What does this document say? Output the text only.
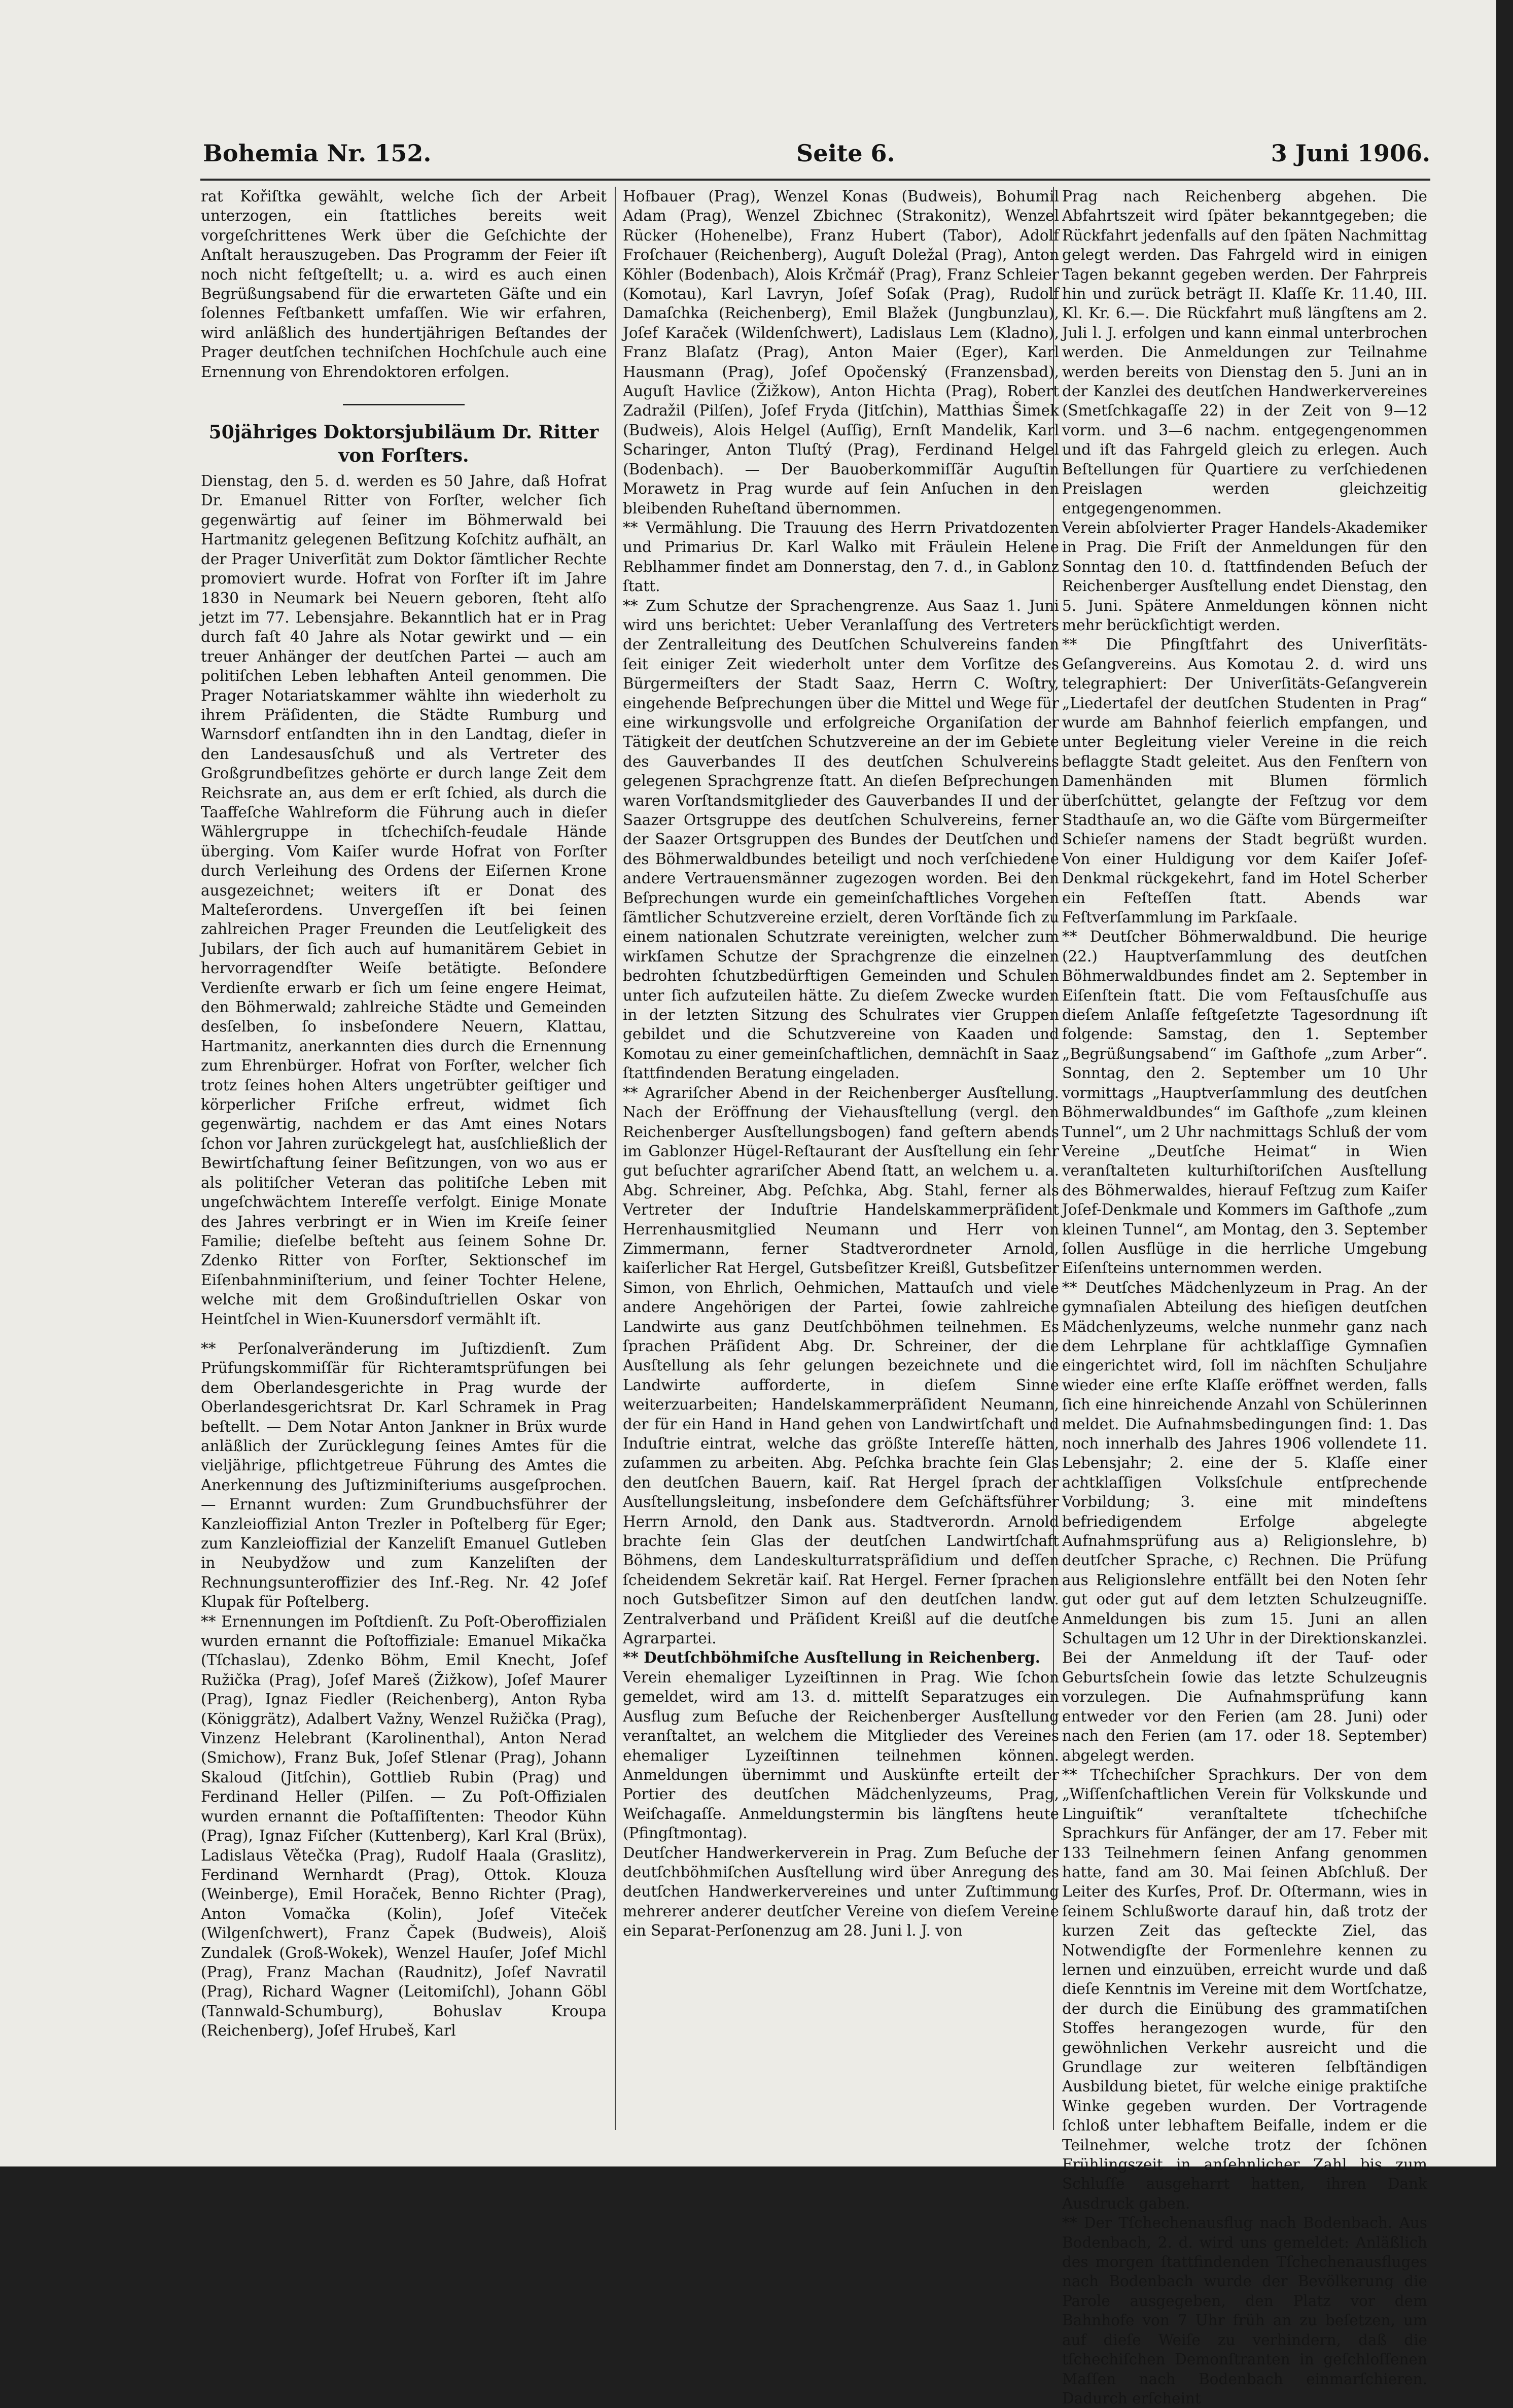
Bohemia Nr. 152.	Seite 6.	3 Juni 1906.

rat Kořiſtka gewählt, welche ſich der Arbeit unterzogen, ein ſtattliches bereits weit vorgeſchrittenes Werk über die Geſchichte der Anſtalt herauszugeben. Das Programm der Feier iſt noch nicht feſtgeſtellt; u. a. wird es auch einen Begrüßungsabend für die erwarteten Gäſte und ein ſolennes Feſtbankett umfaſſen. Wie wir erfahren, wird anläßlich des hundertjährigen Beſtandes der Prager deutſchen techniſchen Hochſchule auch eine Ernennung von Ehrendoktoren erfolgen.

50jähriges Doktorsjubiläum Dr. Ritter von Forſters.

Dienstag, den 5. d. werden es 50 Jahre, daß Hofrat Dr. Emanuel Ritter von Forſter, welcher ſich gegenwärtig auf ſeiner im Böhmerwald bei Hartmanitz gelegenen Beſitzung Koſchitz aufhält, an der Prager Univerſität zum Doktor ſämtlicher Rechte promoviert wurde. Hofrat von Forſter iſt im Jahre 1830 in Neumark bei Neuern geboren, ſteht alſo jetzt im 77. Lebensjahre. Bekanntlich hat er in Prag durch faſt 40 Jahre als Notar gewirkt und — ein treuer Anhänger der deutſchen Partei — auch am politiſchen Leben lebhaften Anteil genommen. Die Prager Notariatskammer wählte ihn wiederholt zu ihrem Präſidenten, die Städte Rumburg und Warnsdorf entſandten ihn in den Landtag, dieſer in den Landesausſchuß und als Vertreter des Großgrundbeſitzes gehörte er durch lange Zeit dem Reichsrate an, aus dem er erſt ſchied, als durch die Taaffeſche Wahlreform die Führung auch in dieſer Wählergruppe in tſchechiſch-feudale Hände überging. Vom Kaiſer wurde Hofrat von Forſter durch Verleihung des Ordens der Eiſernen Krone ausgezeichnet; weiters iſt er Donat des Malteſerordens. Unvergeſſen iſt bei ſeinen zahlreichen Prager Freunden die Leutſeligkeit des Jubilars, der ſich auch auf humanitärem Gebiet in hervorragendſter Weiſe betätigte. Beſondere Verdienſte erwarb er ſich um ſeine engere Heimat, den Böhmerwald; zahlreiche Städte und Gemeinden desſelben, ſo insbeſondere Neuern, Klattau, Hartmanitz, anerkannten dies durch die Ernennung zum Ehrenbürger. Hofrat von Forſter, welcher ſich trotz ſeines hohen Alters ungetrübter geiſtiger und körperlicher Friſche erfreut, widmet ſich gegenwärtig, nachdem er das Amt eines Notars ſchon vor Jahren zurückgelegt hat, ausſchließlich der Bewirtſchaftung ſeiner Beſitzungen, von wo aus er als politiſcher Veteran das politiſche Leben mit ungeſchwächtem Intereſſe verfolgt. Einige Monate des Jahres verbringt er in Wien im Kreiſe ſeiner Familie; dieſelbe beſteht aus ſeinem Sohne Dr. Zdenko Ritter von Forſter, Sektionschef im Eiſenbahnminiſterium, und ſeiner Tochter Helene, welche mit dem Großinduſtriellen Oskar von Heintſchel in Wien-Kuunersdorf vermählt iſt.

** Perſonalveränderung im Juſtizdienſt. Zum Prüfungskommiſſär für Richteramtsprüfungen bei dem Oberlandesgerichte in Prag wurde der Oberlandesgerichtsrat Dr. Karl Schramek in Prag beſtellt. — Dem Notar Anton Jankner in Brüx wurde anläßlich der Zurücklegung ſeines Amtes für die vieljährige, pflichtgetreue Führung des Amtes die Anerkennung des Juſtizminiſteriums ausgeſprochen. — Ernannt wurden: Zum Grundbuchsführer der Kanzleioffizial Anton Trezler in Poſtelberg für Eger; zum Kanzleioffizial der Kanzeliſt Emanuel Gutleben in Neubydžow und zum Kanzeliſten der Rechnungsunteroffizier des Inf.-Reg. Nr. 42 Joſef Klupak für Poſtelberg.

** Ernennungen im Poſtdienſt. Zu Poſt-Oberoffizialen wurden ernannt die Poſtoffiziale: Emanuel Mikačka (Tſchaslau), Zdenko Böhm, Emil Knecht, Joſef Ružička (Prag), Joſef Mareš (Žižkow), Joſef Maurer (Prag), Ignaz Fiedler (Reichenberg), Anton Ryba (Königgrätz), Adalbert Važny, Wenzel Ružička (Prag), Vinzenz Helebrant (Karolinenthal), Anton Nerad (Smichow), Franz Buk, Joſef Stlenar (Prag), Johann Skaloud (Jitſchin), Gottlieb Rubin (Prag) und Ferdinand Heller (Pilſen. — Zu Poſt-Offizialen wurden ernannt die Poſtaſſiſtenten: Theodor Kühn (Prag), Ignaz Fiſcher (Kuttenberg), Karl Kral (Brüx), Ladislaus Větečka (Prag), Rudolf Haala (Graslitz), Ferdinand Wernhardt (Prag), Ottok. Klouza (Weinberge), Emil Horaček, Benno Richter (Prag), Anton Vomačka (Kolin), Joſef Viteček (Wilgenſchwert), Franz Čapek (Budweis), Aloiš Zundalek (Groß-Wokek), Wenzel Hauſer, Joſef Michl (Prag), Franz Machan (Raudnitz), Joſef Navratil (Prag), Richard Wagner (Leitomiſchl), Johann Göbl (Tannwald-Schumburg), Bohuslav Kroupa (Reichenberg), Joſef Hrubeš, Karl

Hofbauer (Prag), Wenzel Konas (Budweis), Bohumil Adam (Prag), Wenzel Zbichnec (Strakonitz), Wenzel Rücker (Hohenelbe), Franz Hubert (Tabor), Adolf Froſchauer (Reichenberg), Auguſt Doležal (Prag), Anton Köhler (Bodenbach), Alois Krčmář (Prag), Franz Schleier (Komotau), Karl Lavryn, Joſef Soſak (Prag), Rudolf Damaſchka (Reichenberg), Emil Blažek (Jungbunzlau), Joſef Karaček (Wildenſchwert), Ladislaus Lem (Kladno), Franz Blaſatz (Prag), Anton Maier (Eger), Karl Hausmann (Prag), Joſef Opočenský (Franzensbad), Auguſt Havlice (Žižkow), Anton Hichta (Prag), Robert Zadražil (Pilſen), Joſef Fryda (Jitſchin), Matthias Šimek (Budweis), Alois Helgel (Auſſig), Ernſt Mandelik, Karl Scharinger, Anton Tluſtý (Prag), Ferdinand Helgel (Bodenbach). — Der Bauoberkommiſſär Auguſtin Morawetz in Prag wurde auf ſein Anſuchen in den bleibenden Ruheſtand übernommen.

** Vermählung. Die Trauung des Herrn Privatdozenten und Primarius Dr. Karl Walko mit Fräulein Helene Reblhammer findet am Donnerstag, den 7. d., in Gablonz ſtatt.

** Zum Schutze der Sprachengrenze. Aus Saaz 1. Juni wird uns berichtet: Ueber Veranlaſſung des Vertreters der Zentralleitung des Deutſchen Schulvereins fanden ſeit einiger Zeit wiederholt unter dem Vorſitze des Bürgermeiſters der Stadt Saaz, Herrn C. Woſtry, eingehende Beſprechungen über die Mittel und Wege für eine wirkungsvolle und erfolgreiche Organiſation der Tätigkeit der deutſchen Schutzvereine an der im Gebiete des Gauverbandes II des deutſchen Schulvereins gelegenen Sprachgrenze ſtatt. An dieſen Beſprechungen waren Vorſtandsmitglieder des Gauverbandes II und der Saazer Ortsgruppe des deutſchen Schulvereins, ferner der Saazer Ortsgruppen des Bundes der Deutſchen und des Böhmerwaldbundes beteiligt und noch verſchiedene andere Vertrauensmänner zugezogen worden. Bei den Beſprechungen wurde ein gemeinſchaftliches Vorgehen ſämtlicher Schutzvereine erzielt, deren Vorſtände ſich zu einem nationalen Schutzrate vereinigten, welcher zum wirkſamen Schutze der Sprachgrenze die einzelnen bedrohten ſchutzbedürftigen Gemeinden und Schulen unter ſich aufzuteilen hätte. Zu dieſem Zwecke wurden in der letzten Sitzung des Schulrates vier Gruppen gebildet und die Schutzvereine von Kaaden und Komotau zu einer gemeinſchaftlichen, demnächſt in Saaz ſtattfindenden Beratung eingeladen.

** Agrariſcher Abend in der Reichenberger Ausſtellung. Nach der Eröffnung der Viehausſtellung (vergl. den Reichenberger Ausſtellungsbogen) fand geſtern abends im Gablonzer Hügel-Reſtaurant der Ausſtellung ein ſehr gut beſuchter agrariſcher Abend ſtatt, an welchem u. a. Abg. Schreiner, Abg. Peſchka, Abg. Stahl, ferner als Vertreter der Induſtrie Handelskammerpräſident Herrenhausmitglied Neumann und Herr von Zimmermann, ferner Stadtverordneter Arnold, kaiſerlicher Rat Hergel, Gutsbeſitzer Kreißl, Gutsbeſitzer Simon, von Ehrlich, Oehmichen, Mattauſch und viele andere Angehörigen der Partei, ſowie zahlreiche Landwirte aus ganz Deutſchböhmen teilnehmen. Es ſprachen Präſident Abg. Dr. Schreiner, der die Ausſtellung als ſehr gelungen bezeichnete und die Landwirte aufforderte, in dieſem Sinne weiterzuarbeiten; Handelskammerpräſident Neumann, der für ein Hand in Hand gehen von Landwirtſchaft und Induſtrie eintrat, welche das größte Intereſſe hätten, zuſammen zu arbeiten. Abg. Peſchka brachte ſein Glas den deutſchen Bauern, kaiſ. Rat Hergel ſprach der Ausſtellungsleitung, insbeſondere dem Geſchäftsführer Herrn Arnold, den Dank aus. Stadtverordn. Arnold brachte ſein Glas der deutſchen Landwirtſchaft Böhmens, dem Landeskulturratspräſidium und deſſen ſcheidendem Sekretär kaiſ. Rat Hergel. Ferner ſprachen noch Gutsbeſitzer Simon auf den deutſchen landw. Zentralverband und Präſident Kreißl auf die deutſche Agrarpartei.

** Deutſchböhmiſche Ausſtellung in Reichenberg.

Verein ehemaliger Lyzeiſtinnen in Prag. Wie ſchon gemeldet, wird am 13. d. mittelſt Separatzuges ein Ausflug zum Beſuche der Reichenberger Ausſtellung veranſtaltet, an welchem die Mitglieder des Vereines ehemaliger Lyzeiſtinnen teilnehmen können. Anmeldungen übernimmt und Auskünfte erteilt der Portier des deutſchen Mädchenlyzeums, Prag, Weiſchagaſſe. Anmeldungstermin bis längſtens heute (Pfingſtmontag).

Deutſcher Handwerkerverein in Prag. Zum Beſuche der deutſchböhmiſchen Ausſtellung wird über Anregung des deutſchen Handwerkervereines und unter Zuſtimmung mehrerer anderer deutſcher Vereine von dieſem Vereine ein Separat-Perſonenzug am 28. Juni l. J. von

Prag nach Reichenberg abgehen. Die Abfahrtszeit wird ſpäter bekanntgegeben; die Rückfahrt jedenfalls auf den ſpäten Nachmittag gelegt werden. Das Fahrgeld wird in einigen Tagen bekannt gegeben werden. Der Fahrpreis hin und zurück beträgt II. Klaſſe Kr. 11.40, III. Kl. Kr. 6.—. Die Rückfahrt muß längſtens am 2. Juli l. J. erfolgen und kann einmal unterbrochen werden. Die Anmeldungen zur Teilnahme werden bereits von Dienstag den 5. Juni an in der Kanzlei des deutſchen Handwerkervereines (Smetſchkagaſſe 22) in der Zeit von 9—12 vorm. und 3—6 nachm. entgegengenommen und iſt das Fahrgeld gleich zu erlegen. Auch Beſtellungen für Quartiere zu verſchiedenen Preislagen werden gleichzeitig entgegengenommen.

Verein abſolvierter Prager Handels-Akademiker in Prag. Die Friſt der Anmeldungen für den Sonntag den 10. d. ſtattfindenden Beſuch der Reichenberger Ausſtellung endet Dienstag, den 5. Juni. Spätere Anmeldungen können nicht mehr berückſichtigt werden.

** Die Pfingſtfahrt des Univerſitäts-Geſangvereins. Aus Komotau 2. d. wird uns telegraphiert: Der Univerſitäts-Geſangverein „Liedertafel der deutſchen Studenten in Prag“ wurde am Bahnhof feierlich empfangen, und unter Begleitung vieler Vereine in die reich beflaggte Stadt geleitet. Aus den Fenſtern von Damenhänden mit Blumen förmlich überſchüttet, gelangte der Feſtzug vor dem Stadthauſe an, wo die Gäſte vom Bürgermeiſter Schieſer namens der Stadt begrüßt wurden. Von einer Huldigung vor dem Kaiſer Joſef-Denkmal rückgekehrt, fand im Hotel Scherber ein Feſteſſen ſtatt. Abends war Feſtverſammlung im Parkſaale.

** Deutſcher Böhmerwaldbund. Die heurige (22.) Hauptverſammlung des deutſchen Böhmerwaldbundes findet am 2. September in Eiſenſtein ſtatt. Die vom Feſtausſchuſſe aus dieſem Anlaſſe feſtgeſetzte Tagesordnung iſt folgende: Samstag, den 1. September „Begrüßungsabend“ im Gaſthofe „zum Arber“. Sonntag, den 2. September um 10 Uhr vormittags „Hauptverſammlung des deutſchen Böhmerwaldbundes“ im Gaſthofe „zum kleinen Tunnel“, um 2 Uhr nachmittags Schluß der vom Vereine „Deutſche Heimat“ in Wien veranſtalteten kulturhiſtoriſchen Ausſtellung des Böhmerwaldes, hierauf Feſtzug zum Kaiſer Joſef-Denkmale und Kommers im Gaſthofe „zum kleinen Tunnel“, am Montag, den 3. September ſollen Ausflüge in die herrliche Umgebung Eiſenſteins unternommen werden.

** Deutſches Mädchenlyzeum in Prag. An der gymnaſialen Abteilung des hieſigen deutſchen Mädchenlyzeums, welche nunmehr ganz nach dem Lehrplane für achtklaſſige Gymnaſien eingerichtet wird, ſoll im nächſten Schuljahre wieder eine erſte Klaſſe eröffnet werden, falls ſich eine hinreichende Anzahl von Schülerinnen meldet. Die Aufnahmsbedingungen ſind: 1. Das noch innerhalb des Jahres 1906 vollendete 11. Lebensjahr; 2. eine der 5. Klaſſe einer achtklaſſigen Volksſchule entſprechende Vorbildung; 3. eine mit mindeſtens befriedigendem Erfolge abgelegte Aufnahmsprüfung aus a) Religionslehre, b) deutſcher Sprache, c) Rechnen. Die Prüfung aus Religionslehre entfällt bei den Noten ſehr gut oder gut auf dem letzten Schulzeugniſſe. Anmeldungen bis zum 15. Juni an allen Schultagen um 12 Uhr in der Direktionskanzlei. Bei der Anmeldung iſt der Tauf- oder Geburtsſchein ſowie das letzte Schulzeugnis vorzulegen. Die Aufnahmsprüfung kann entweder vor den Ferien (am 28. Juni) oder nach den Ferien (am 17. oder 18. September) abgelegt werden.

** Tſchechiſcher Sprachkurs. Der von dem „Wiſſenſchaftlichen Verein für Volkskunde und Linguiſtik“ veranſtaltete tſchechiſche Sprachkurs für Anfänger, der am 17. Feber mit 133 Teilnehmern ſeinen Anfang genommen hatte, fand am 30. Mai ſeinen Abſchluß. Der Leiter des Kurſes, Prof. Dr. Oſtermann, wies in ſeinem Schlußworte darauf hin, daß trotz der kurzen Zeit das geſteckte Ziel, das Notwendigſte der Formenlehre kennen zu lernen und einzuüben, erreicht wurde und daß dieſe Kenntnis im Vereine mit dem Wortſchatze, der durch die Einübung des grammatiſchen Stoffes herangezogen wurde, für den gewöhnlichen Verkehr ausreicht und die Grundlage zur weiteren ſelbſtändigen Ausbildung bietet, für welche einige praktiſche Winke gegeben wurden. Der Vortragende ſchloß unter lebhaftem Beifalle, indem er die Teilnehmer, welche trotz der ſchönen Frühlingszeit in anſehnlicher Zahl bis zum Schluſſe ausgeharrt hatten, ihren Dank Ausdruck gaben.

** Der Tſchechenausflug nach Bodenbach. Aus Bodenbach, 2. d. wird uns gemeldet: Anläßlich des morgen ſtattfindenden Tſchechenausfluges nach Bodenbach wurde der Bevölkerung die Parole ausgegeben, den Platz vor dem Bahnhofe von 7 Uhr früh an zu beſetzen, um auf dieſe Weiſe zu verhindern, daß die tſchechiſchen Demonſtranten in geſchloſſenen Maſſen nach Bodenbach einmarſchieren. Dadurch erſcheint
